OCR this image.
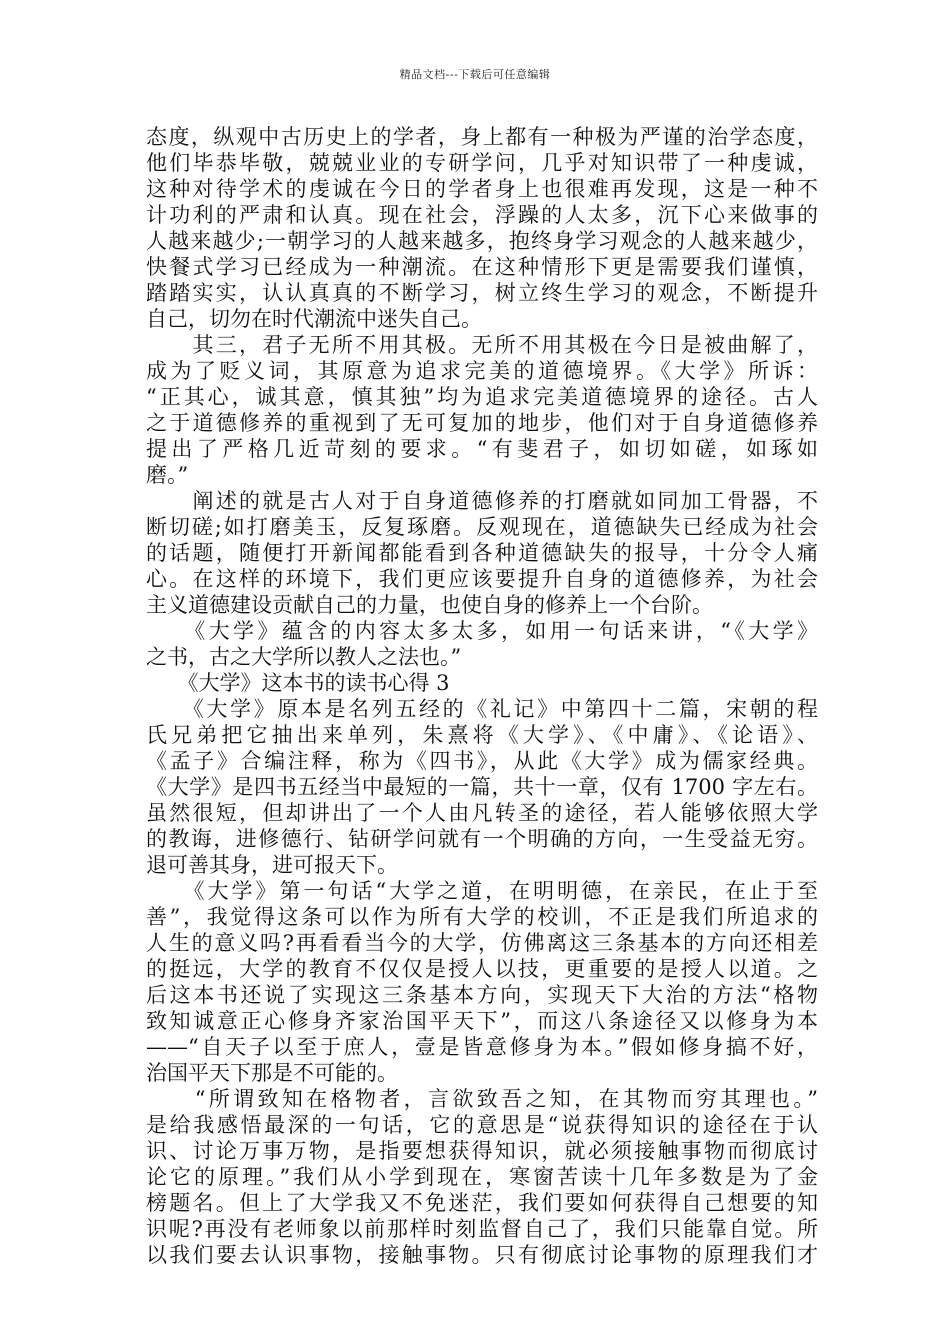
精品文档---下载后可任意编辑
态度，纵观中古历史上的学者，身上都有一种极为严谨的治学态度，
他们毕恭毕敬，兢兢业业的专研学问，几乎对知识带了一种虔诚，
这种对待学术的虔诚在今日的学者身上也很难再发现，这是一种不
计功利的严肃和认真。现在社会，浮躁的人太多，沉下心来做事的
人越来越少;一朝学习的人越来越多，抱终身学习观念的人越来越少，
快餐式学习已经成为一种潮流。在这种情形下更是需要我们谨慎，
踏踏实实，认认真真的不断学习，树立终生学习的观念，不断提升
自己，切勿在时代潮流中迷失自己。
　　其三，君子无所不用其极。无所不用其极在今日是被曲解了，
成为了贬义词，其原意为追求完美的道德境界。《大学》所诉：
“正其心，诚其意，慎其独”均为追求完美道德境界的途径。古人
之于道德修养的重视到了无可复加的地步，他们对于自身道德修养
提出了严格几近苛刻的要求。“有斐君子，如切如磋，如琢如
磨。”
　　阐述的就是古人对于自身道德修养的打磨就如同加工骨器，不
断切磋;如打磨美玉，反复琢磨。反观现在，道德缺失已经成为社会
的话题，随便打开新闻都能看到各种道德缺失的报导，十分令人痛
心。在这样的环境下，我们更应该要提升自身的道德修养，为社会
主义道德建设贡献自己的力量，也使自身的修养上一个台阶。
　　《大学》蕴含的内容太多太多，如用一句话来讲，“《大学》
之书，古之大学所以教人之法也。”
　　《大学》这本书的读书心得 3
　　《大学》原本是名列五经的《礼记》中第四十二篇，宋朝的程
氏兄弟把它抽出来单列，朱熹将《大学》、《中庸》、《论语》、
《孟子》合编注释，称为《四书》，从此《大学》成为儒家经典。
《大学》是四书五经当中最短的一篇，共十一章，仅有 1700 字左右。
虽然很短，但却讲出了一个人由凡转圣的途径，若人能够依照大学
的教诲，进修德行、钻研学问就有一个明确的方向，一生受益无穷。
退可善其身，进可报天下。
　　《大学》第一句话“大学之道，在明明德，在亲民，在止于至
善”，我觉得这条可以作为所有大学的校训，不正是我们所追求的
人生的意义吗?再看看当今的大学，仿佛离这三条基本的方向还相差
的挺远，大学的教育不仅仅是授人以技，更重要的是授人以道。之
后这本书还说了实现这三条基本方向，实现天下大治的方法“格物
致知诚意正心修身齐家治国平天下”，而这八条途径又以修身为本
——“自天子以至于庶人，壹是皆意修身为本。”假如修身搞不好，
治国平天下那是不可能的。
　　“所谓致知在格物者，言欲致吾之知，在其物而穷其理也。”
是给我感悟最深的一句话，它的意思是“说获得知识的途径在于认
识、讨论万事万物，是指要想获得知识，就必须接触事物而彻底讨
论它的原理。”我们从小学到现在，寒窗苦读十几年多数是为了金
榜题名。但上了大学我又不免迷茫，我们要如何获得自己想要的知
识呢?再没有老师象以前那样时刻监督自己了，我们只能靠自觉。所
以我们要去认识事物，接触事物。只有彻底讨论事物的原理我们才
